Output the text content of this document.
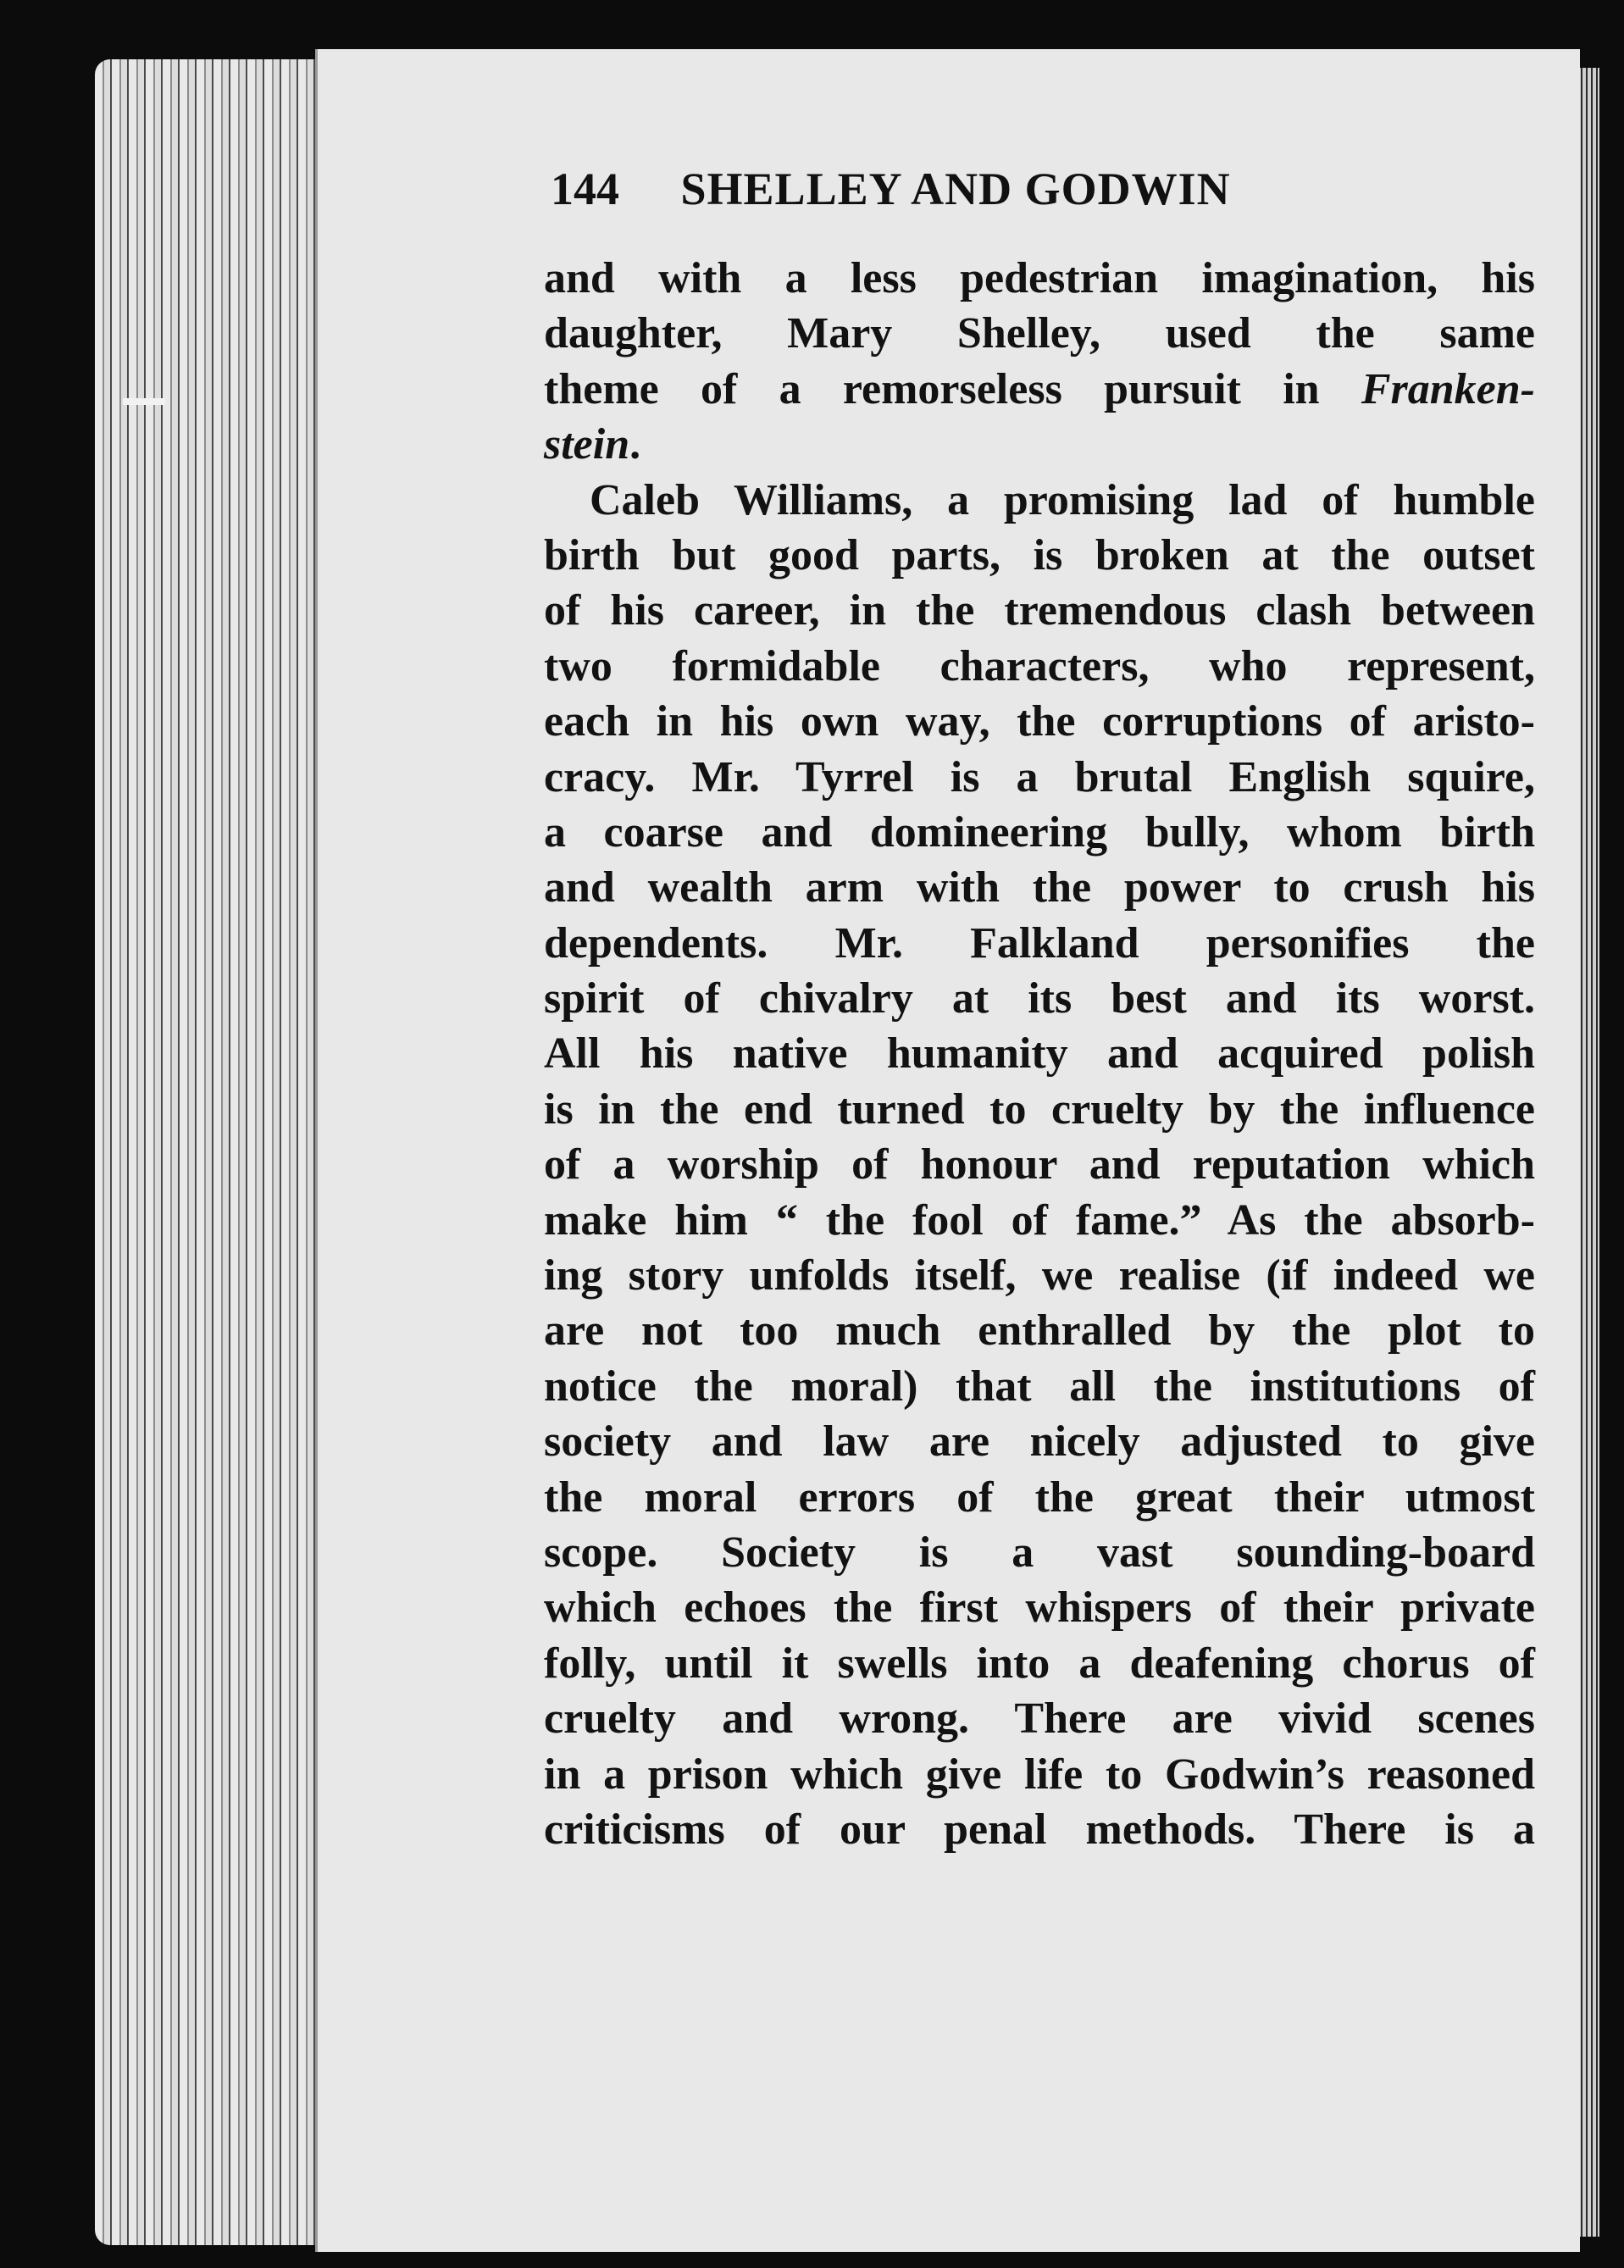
144 SHELLEY AND GODWIN
and with a less pedestrian imagination, his
daughter, Mary Shelley, used the same
theme of a remorseless pursuit in Franken-
stein.
Caleb Williams, a promising lad of humble
birth but good parts, is broken at the outset
of his career, in the tremendous clash between
two formidable characters, who represent,
each in his own way, the corruptions of aristo-
cracy. Mr. Tyrrel is a brutal English squire,
a coarse and domineering bully, whom birth
and wealth arm with the power to crush his
dependents. Mr. Falkland personifies the
spirit of chivalry at its best and its worst.
All his native humanity and acquired polish
is in the end turned to cruelty by the influence
of a worship of honour and reputation which
make him “ the fool of fame.” As the absorb-
ing story unfolds itself, we realise (if indeed we
are not too much enthralled by the plot to
notice the moral) that all the institutions of
society and law are nicely adjusted to give
the moral errors of the great their utmost
scope. Society is a vast sounding-board
which echoes the first whispers of their private
folly, until it swells into a deafening chorus of
cruelty and wrong. There are vivid scenes
in a prison which give life to Godwin’s reasoned
criticisms of our penal methods. There is a
